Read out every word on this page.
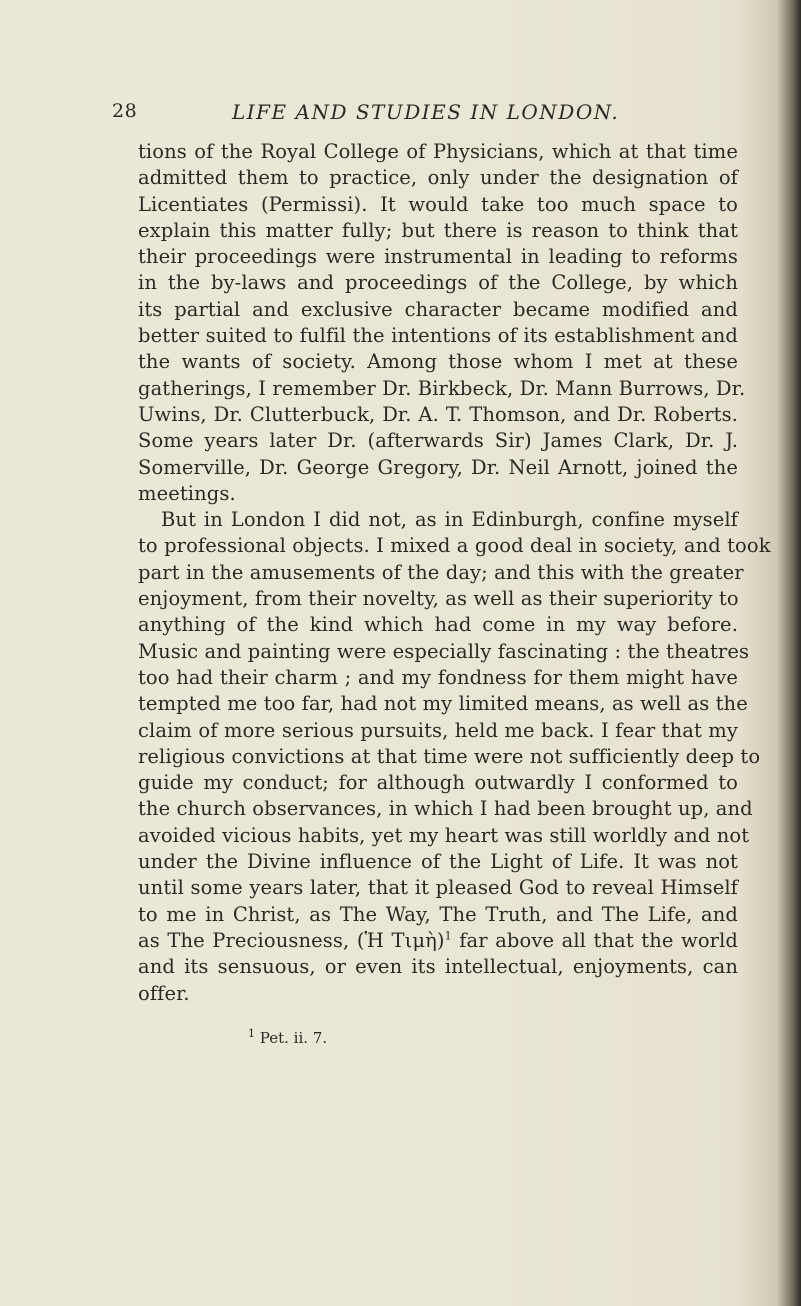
28	LIFE AND STUDIES IN LONDON.
tions of the Royal College of Physicians, which at that time
admitted them to practice, only under the designation of
Licentiates (Permissi). It would take too much space to
explain this matter fully; but there is reason to think that
their proceedings were instrumental in leading to reforms
in the by-laws and proceedings of the College, by which
its partial and exclusive character became modified and
better suited to fulfil the intentions of its establishment and
the wants of society. Among those whom I met at these
gatherings, I remember Dr. Birkbeck, Dr. Mann Burrows, Dr.
Uwins, Dr. Clutterbuck, Dr. A. T. Thomson, and Dr. Roberts.
Some years later Dr. (afterwards Sir) James Clark, Dr. J.
Somerville, Dr. George Gregory, Dr. Neil Arnott, joined the
meetings.
But in London I did not, as in Edinburgh, confine myself
to professional objects. I mixed a good deal in society, and took
part in the amusements of the day; and this with the greater
enjoyment, from their novelty, as well as their superiority to
anything of the kind which had come in my way before.
Music and painting were especially fascinating : the theatres
too had their charm ; and my fondness for them might have
tempted me too far, had not my limited means, as well as the
claim of more serious pursuits, held me back. I fear that my
religious convictions at that time were not sufficiently deep to
guide my conduct; for although outwardly I conformed to
the church observances, in which I had been brought up, and
avoided vicious habits, yet my heart was still worldly and not
under the Divine influence of the Light of Life. It was not
until some years later, that it pleased God to reveal Himself
to me in Christ, as The Way, The Truth, and The Life, and
as The Preciousness, (Ἡ Τιμὴ)$^1$ far above all that the world
and its sensuous, or even its intellectual, enjoyments, can
offer.
$^1$ Pet. ii. 7.
